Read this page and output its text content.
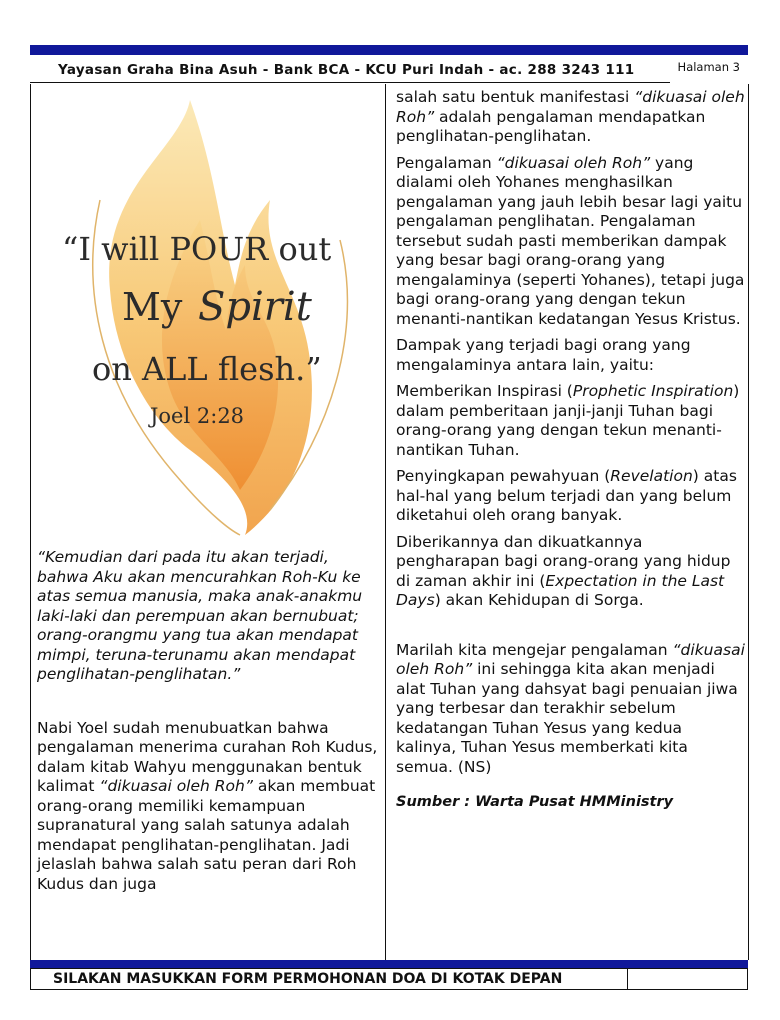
Yayasan Graha Bina Asuh - Bank BCA - KCU Puri Indah - ac. 288 3243 111	Halaman 3
“I will POUR out
My Spirit
on ALL flesh.”
Joel 2:28

“Kemudian dari pada itu akan terjadi, bahwa Aku akan mencurahkan Roh-Ku ke atas semua manusia, maka anak-anakmu laki-laki dan perempuan akan bernubuat; orang-orangmu yang tua akan mendapat mimpi, teruna-terunamu akan mendapat penglihatan-penglihatan.”

Nabi Yoel sudah menubuatkan bahwa pengalaman menerima curahan Roh Kudus, dalam kitab Wahyu menggunakan bentuk kalimat “dikuasai oleh Roh” akan membuat orang-orang memiliki kemampuan supranatural yang salah satunya adalah mendapat penglihatan-penglihatan. Jadi jelaslah bahwa salah satu peran dari Roh Kudus dan juga

salah satu bentuk manifestasi “dikuasai oleh Roh” adalah pengalaman mendapatkan penglihatan-penglihatan.

Pengalaman “dikuasai oleh Roh” yang dialami oleh Yohanes menghasilkan pengalaman yang jauh lebih besar lagi yaitu pengalaman penglihatan. Pengalaman tersebut sudah pasti memberikan dampak yang besar bagi orang-orang yang mengalaminya (seperti Yohanes), tetapi juga bagi orang-orang yang dengan tekun menanti-nantikan kedatangan Yesus Kristus.

Dampak yang terjadi bagi orang yang mengalaminya antara lain, yaitu:

Memberikan Inspirasi (Prophetic Inspiration) dalam pemberitaan janji-janji Tuhan bagi orang-orang yang dengan tekun menanti-nantikan Tuhan.

Penyingkapan pewahyuan (Revelation) atas hal-hal yang belum terjadi dan yang belum diketahui oleh orang banyak.

Diberikannya dan dikuatkannya pengharapan bagi orang-orang yang hidup di zaman akhir ini (Expectation in the Last Days) akan Kehidupan di Sorga.

Marilah kita mengejar pengalaman “dikuasai oleh Roh” ini sehingga kita akan menjadi alat Tuhan yang dahsyat bagi penuaian jiwa yang terbesar dan terakhir sebelum kedatangan Tuhan Yesus yang kedua kalinya, Tuhan Yesus memberkati kita semua. (NS)

Sumber : Warta Pusat HMMinistry

SILAKAN MASUKKAN FORM PERMOHONAN DOA DI KOTAK DEPAN
